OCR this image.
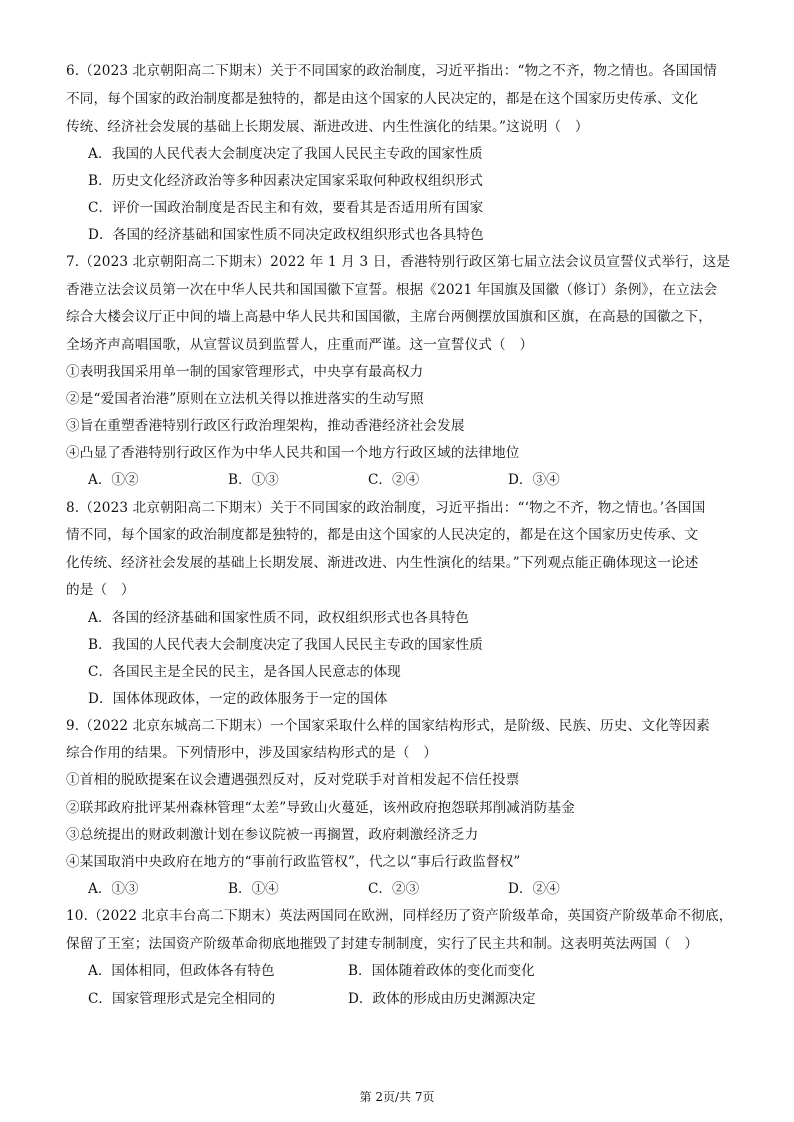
6.（2023 北京朝阳高二下期末）关于不同国家的政治制度，习近平指出：“物之不齐，物之情也。各国国情
不同，每个国家的政治制度都是独特的，都是由这个国家的人民决定的，都是在这个国家历史传承、文化
传统、经济社会发展的基础上长期发展、渐进改进、内生性演化的结果。”这说明（　）
A．我国的人民代表大会制度决定了我国人民民主专政的国家性质
B．历史文化经济政治等多种因素决定国家采取何种政权组织形式
C．评价一国政治制度是否民主和有效，要看其是否适用所有国家
D．各国的经济基础和国家性质不同决定政权组织形式也各具特色
7.（2023 北京朝阳高二下期末）2022 年 1 月 3 日，香港特别行政区第七届立法会议员宣誓仪式举行，这是
香港立法会议员第一次在中华人民共和国国徽下宣誓。根据《2021 年国旗及国徽（修订）条例》，在立法会
综合大楼会议厅正中间的墙上高悬中华人民共和国国徽，主席台两侧摆放国旗和区旗，在高悬的国徽之下，
全场齐声高唱国歌，从宣誓议员到监誓人，庄重而严谨。这一宣誓仪式（　）
①表明我国采用单一制的国家管理形式，中央享有最高权力
②是“爱国者治港”原则在立法机关得以推进落实的生动写照
③旨在重塑香港特别行政区行政治理架构，推动香港经济社会发展
④凸显了香港特别行政区作为中华人民共和国一个地方行政区域的法律地位
A．①②	B．①③	C．②④	D．③④
8.（2023 北京朝阳高二下期末）关于不同国家的政治制度，习近平指出：“‘物之不齐，物之情也。’各国国
情不同，每个国家的政治制度都是独特的，都是由这个国家的人民决定的，都是在这个国家历史传承、文
化传统、经济社会发展的基础上长期发展、渐进改进、内生性演化的结果。”下列观点能正确体现这一论述
的是（　）
A．各国的经济基础和国家性质不同，政权组织形式也各具特色
B．我国的人民代表大会制度决定了我国人民民主专政的国家性质
C．各国民主是全民的民主，是各国人民意志的体现
D．国体体现政体，一定的政体服务于一定的国体
9.（2022 北京东城高二下期末）一个国家采取什么样的国家结构形式，是阶级、民族、历史、文化等因素
综合作用的结果。下列情形中，涉及国家结构形式的是（　）
①首相的脱欧提案在议会遭遇强烈反对，反对党联手对首相发起不信任投票
②联邦政府批评某州森林管理“太差”导致山火蔓延，该州政府抱怨联邦削减消防基金
③总统提出的财政刺激计划在参议院被一再搁置，政府刺激经济乏力
④某国取消中央政府在地方的“事前行政监管权”，代之以“事后行政监督权”
A．①③	B．①④	C．②③	D．②④
10.（2022 北京丰台高二下期末）英法两国同在欧洲，同样经历了资产阶级革命，英国资产阶级革命不彻底，
保留了王室；法国资产阶级革命彻底地摧毁了封建专制制度，实行了民主共和制。这表明英法两国（　）
A．国体相同，但政体各有特色	B．国体随着政体的变化而变化
C．国家管理形式是完全相同的	D．政体的形成由历史渊源决定
第 2页/共 7页
